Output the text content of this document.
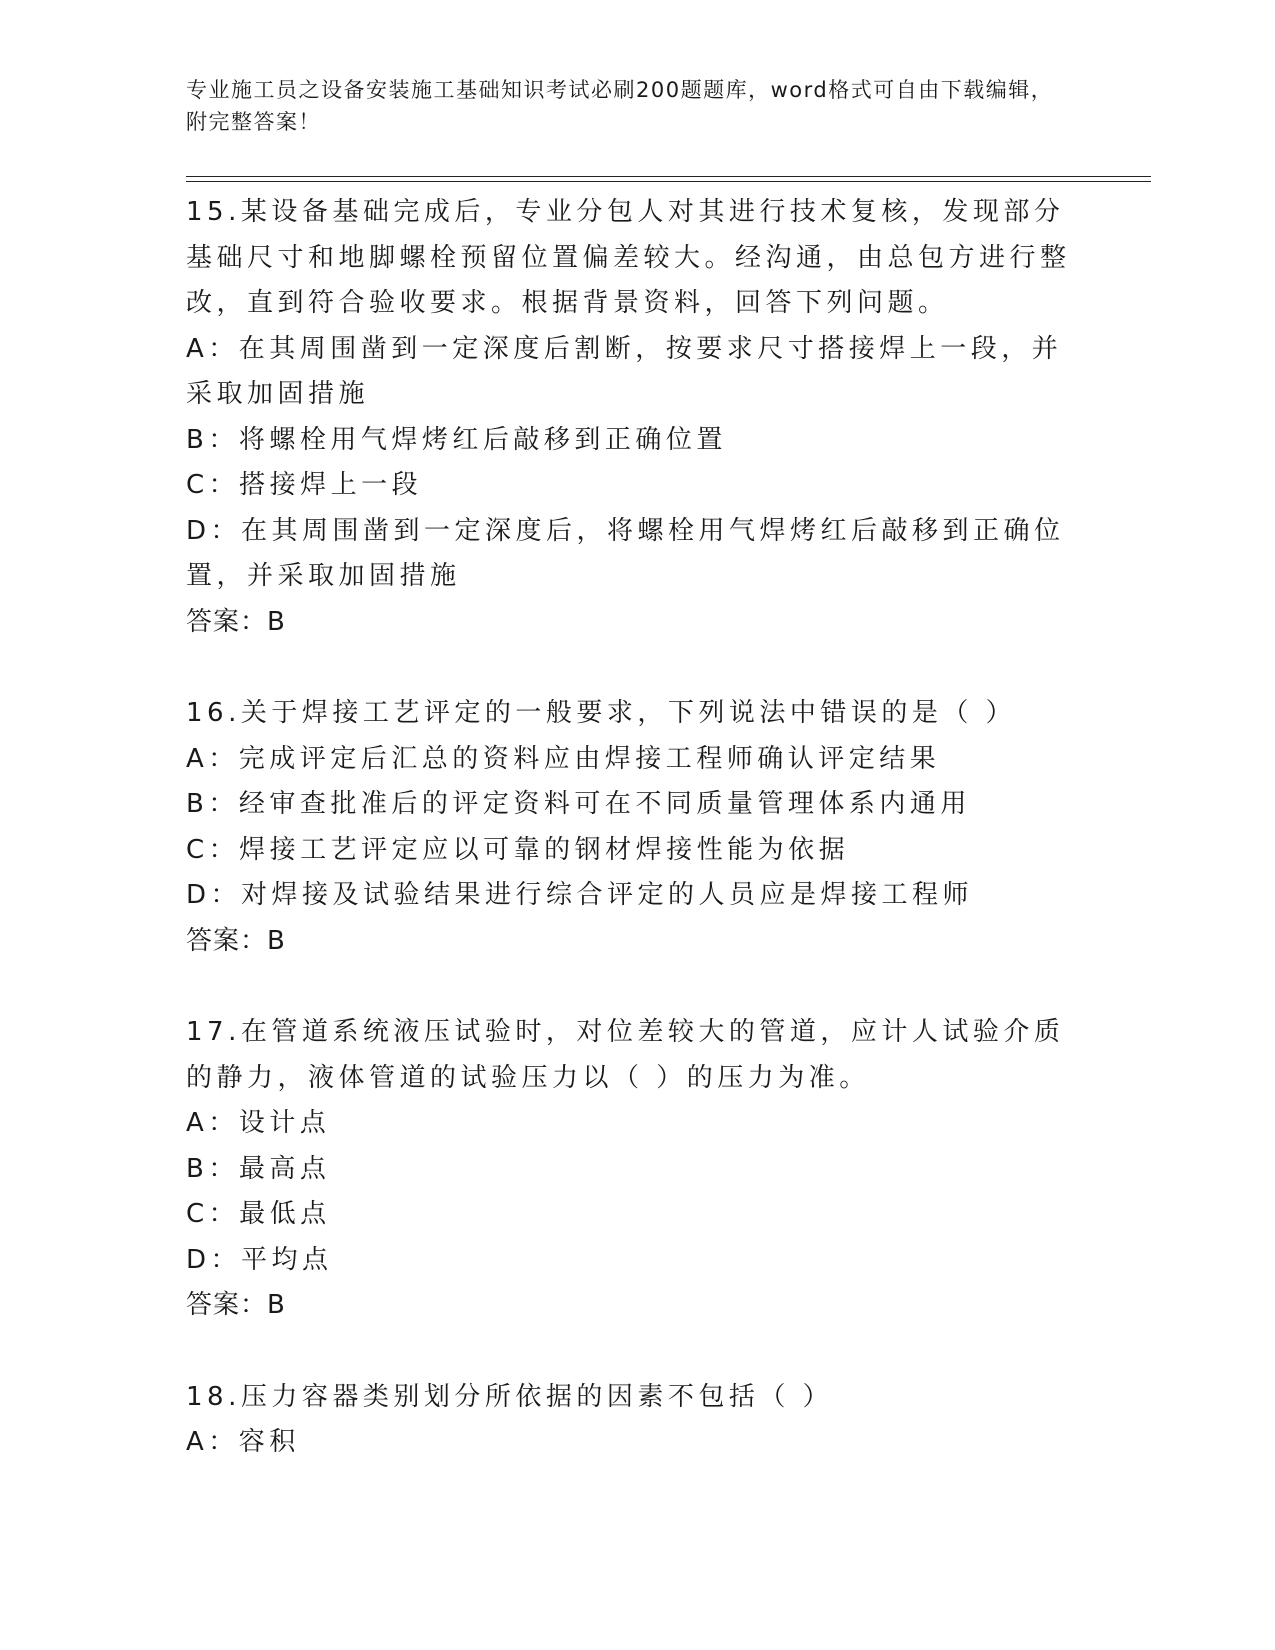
专业施工员之设备安装施工基础知识考试必刷200题题库，word格式可自由下载编辑，附完整答案！
15.某设备基础完成后，专业分包人对其进行技术复核，发现部分基础尺寸和地脚螺栓预留位置偏差较大。经沟通，由总包方进行整改，直到符合验收要求。根据背景资料，回答下列问题。
A：在其周围凿到一定深度后割断，按要求尺寸搭接焊上一段，并采取加固措施
B：将螺栓用气焊烤红后敲移到正确位置
C：搭接焊上一段
D：在其周围凿到一定深度后，将螺栓用气焊烤红后敲移到正确位置，并采取加固措施
答案：B
16.关于焊接工艺评定的一般要求，下列说法中错误的是（ ）
A：完成评定后汇总的资料应由焊接工程师确认评定结果
B：经审查批准后的评定资料可在不同质量管理体系内通用
C：焊接工艺评定应以可靠的钢材焊接性能为依据
D：对焊接及试验结果进行综合评定的人员应是焊接工程师
答案：B
17.在管道系统液压试验时，对位差较大的管道，应计人试验介质的静力，液体管道的试验压力以（ ）的压力为准。
A：设计点
B：最高点
C：最低点
D：平均点
答案：B
18.压力容器类别划分所依据的因素不包括（ ）
A：容积
